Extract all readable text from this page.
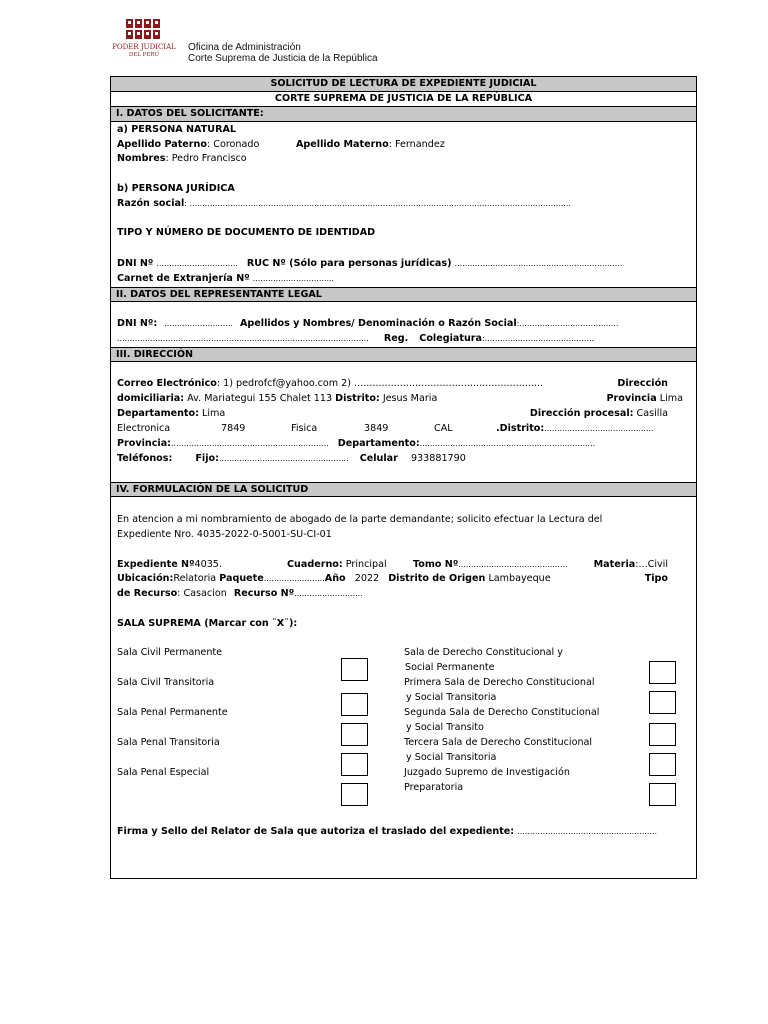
PODER JUDICIAL
DEL PERÚ
Oficina de Administración
Corte Suprema de Justicia de la República
SOLICITUD DE LECTURA DE EXPEDIENTE JUDICIAL
CORTE SUPREMA DE JUSTICIA DE LA REPÚBLICA
I. DATOS DEL SOLICITANTE:
a) PERSONA NATURAL
Apellido Paterno: Coronado	Apellido Materno: Fernandez
Nombres: Pedro Francisco
b) PERSONA JURÍDICA
Razón social: ......................................................................................................................................................
TIPO Y NÚMERO DE DOCUMENTO DE IDENTIDAD
DNI Nº ................................ RUC Nº (Sólo para personas jurídicas) ..................................................................
Carnet de Extranjería Nº ................................
II. DATOS DEL REPRESENTANTE LEGAL
DNI Nº: ........................... Apellidos y Nombres/ Denominación o Razón Social:.......................................
................................................................................................... Reg. Colegiatura:...........................................
III. DIRECCIÓN
Correo Electrónico: 1) pedrofcf@yahoo.com 2) ..............................................................	Dirección
domiciliaria: Av. Mariategui 155 Chalet 113 Distrito: Jesus Maria	Provincia Lima
Departamento: Lima	Dirección procesal: Casilla
Electronica	7849	Fisica	3849	CAL	.Distrito:...........................................
Provincia:.............................................................. Departamento:.....................................................................
Teléfonos: Fijo:................................................... Celular 933881790
IV. FORMULACIÓN DE LA SOLICITUD
En atencion a mi nombramiento de abogado de la parte demandante; solicito efectuar la Lectura del
Expediente Nro. 4035-2022-0-5001-SU-CI-01
Expediente Nº4035.	Cuaderno: Principal	Tomo Nº...........................................	Materia:...Civil
Ubicación:Relatoria Paquete........................Año 2022 Distrito de Origen Lambayeque	Tipo
de Recurso: Casacion Recurso Nº...........................
SALA SUPREMA (Marcar con ¨X¨):
Sala Civil Permanente
Sala Civil Transitoria
Sala Penal Permanente
Sala Penal Transitoria
Sala Penal Especial
Sala de Derecho Constitucional y
Social Permanente
Primera Sala de Derecho Constitucional
y Social Transitoria
Segunda Sala de Derecho Constitucional
y Social Transito
Tercera Sala de Derecho Constitucional
y Social Transitoria
Juzgado Supremo de Investigación
Preparatoria
Firma y Sello del Relator de Sala que autoriza el traslado del expediente: .......................................................
